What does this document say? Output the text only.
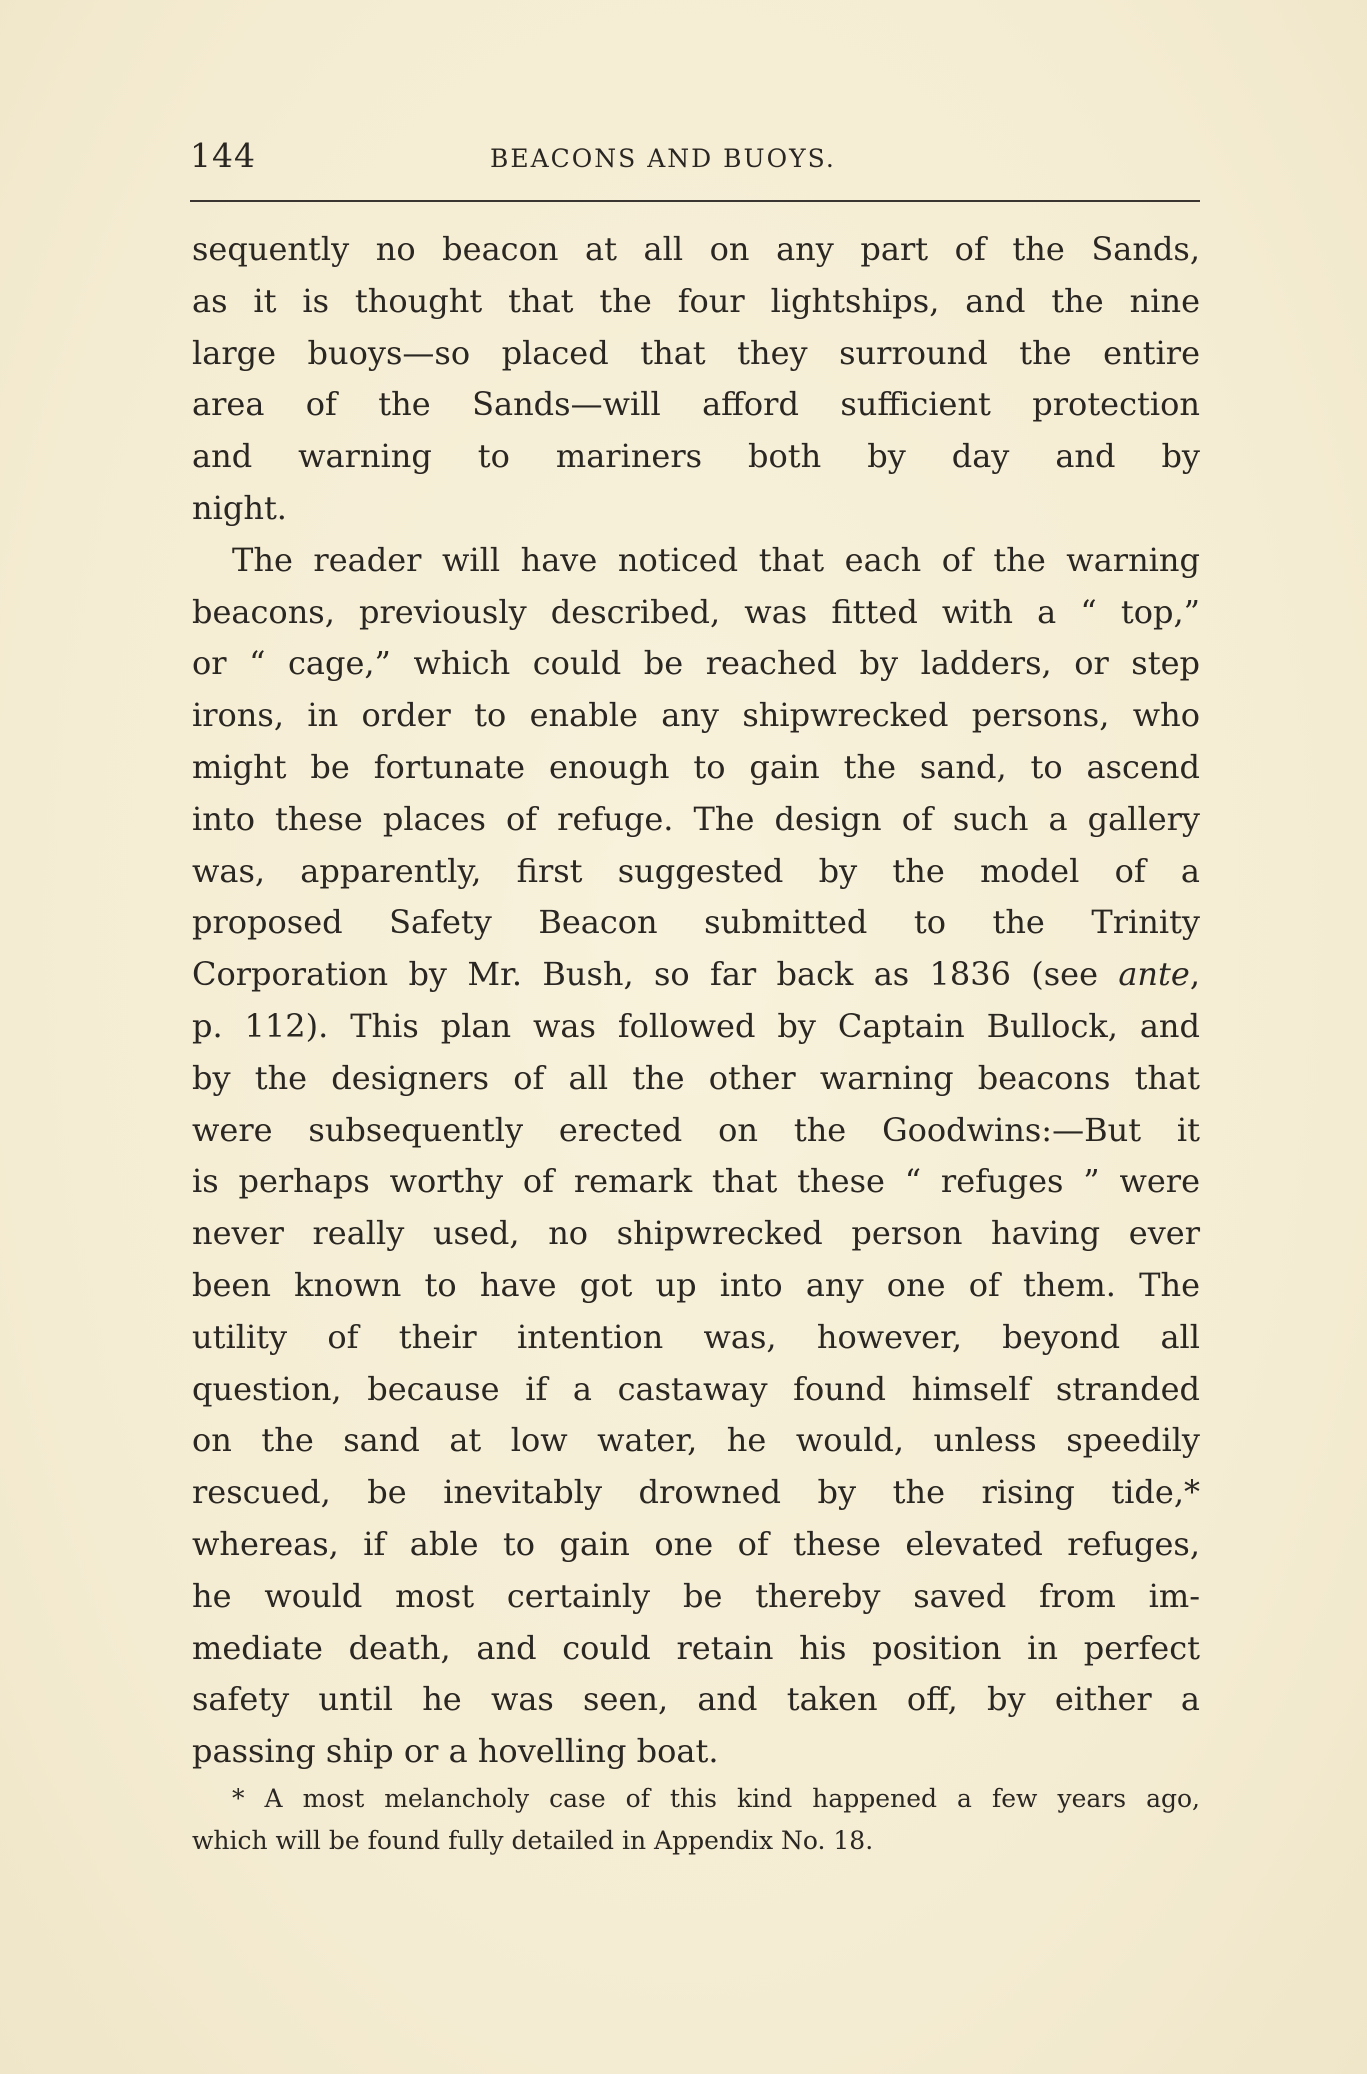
144	BEACONS AND BUOYS.
sequently no beacon at all on any part of the Sands,
as it is thought that the four lightships, and the nine
large buoys—so placed that they surround the entire
area of the Sands—will afford sufficient protection
and warning to mariners both by day and by
night.
The reader will have noticed that each of the warning
beacons, previously described, was fitted with a “ top,”
or “ cage,” which could be reached by ladders, or step
irons, in order to enable any shipwrecked persons, who
might be fortunate enough to gain the sand, to ascend
into these places of refuge. The design of such a gallery
was, apparently, first suggested by the model of a
proposed Safety Beacon submitted to the Trinity
Corporation by Mr. Bush, so far back as 1836 (see ante,
p. 112). This plan was followed by Captain Bullock, and
by the designers of all the other warning beacons that
were subsequently erected on the Goodwins:—But it
is perhaps worthy of remark that these “ refuges ” were
never really used, no shipwrecked person having ever
been known to have got up into any one of them. The
utility of their intention was, however, beyond all
question, because if a castaway found himself stranded
on the sand at low water, he would, unless speedily
rescued, be inevitably drowned by the rising tide,*
whereas, if able to gain one of these elevated refuges,
he would most certainly be thereby saved from im-
mediate death, and could retain his position in perfect
safety until he was seen, and taken off, by either a
passing ship or a hovelling boat.
* A most melancholy case of this kind happened a few years ago,
which will be found fully detailed in Appendix No. 18.
